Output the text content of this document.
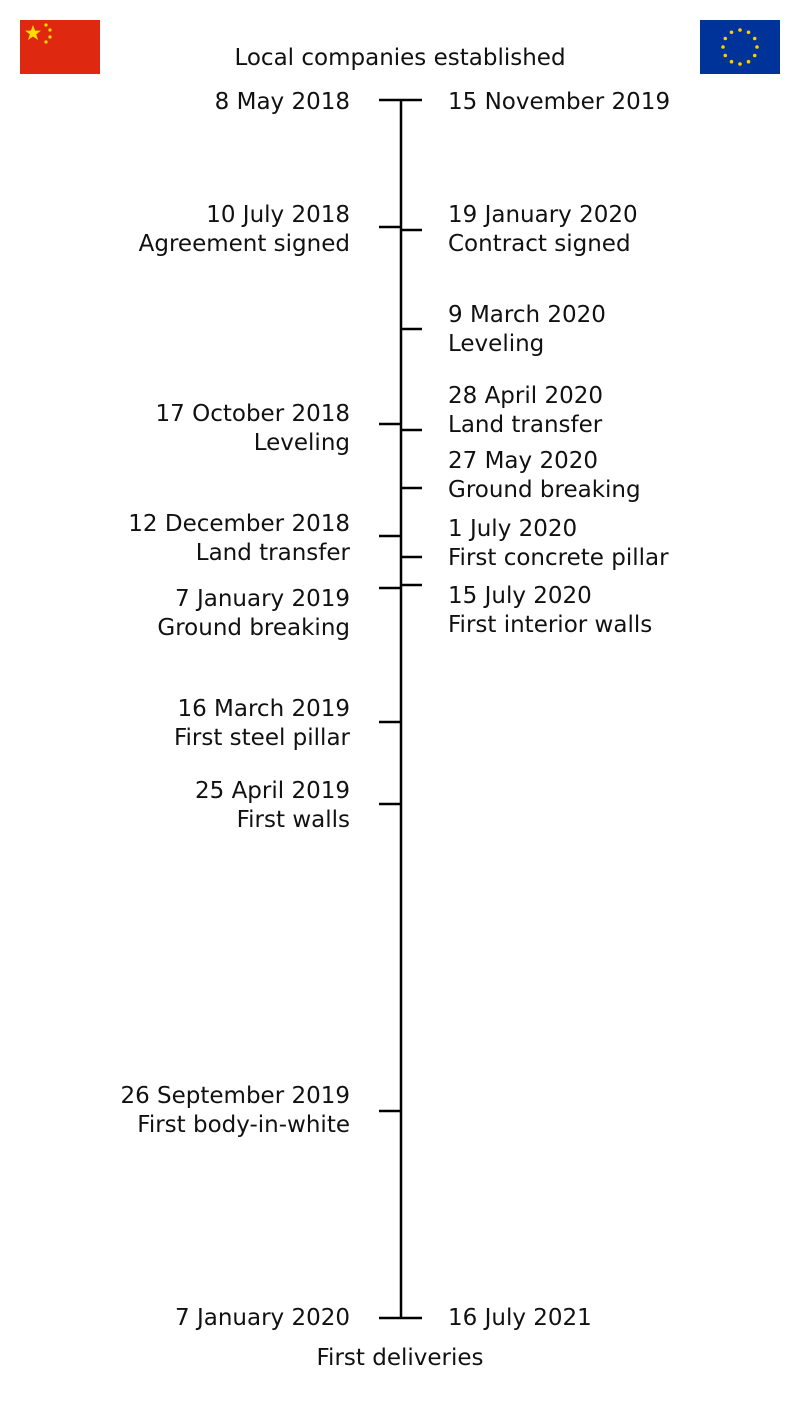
Local companies established
8 May 2018
10 July 2018
Agreement signed
17 October 2018
Leveling
12 December 2018
Land transfer
7 January 2019
Ground breaking
16 March 2019
First steel pillar
25 April 2019
First walls
26 September 2019
First body-in-white
7 January 2020
15 November 2019
19 January 2020
Contract signed
9 March 2020
Leveling
28 April 2020
Land transfer
27 May 2020
Ground breaking
1 July 2020
First concrete pillar
15 July 2020
First interior walls
16 July 2021
First deliveries
